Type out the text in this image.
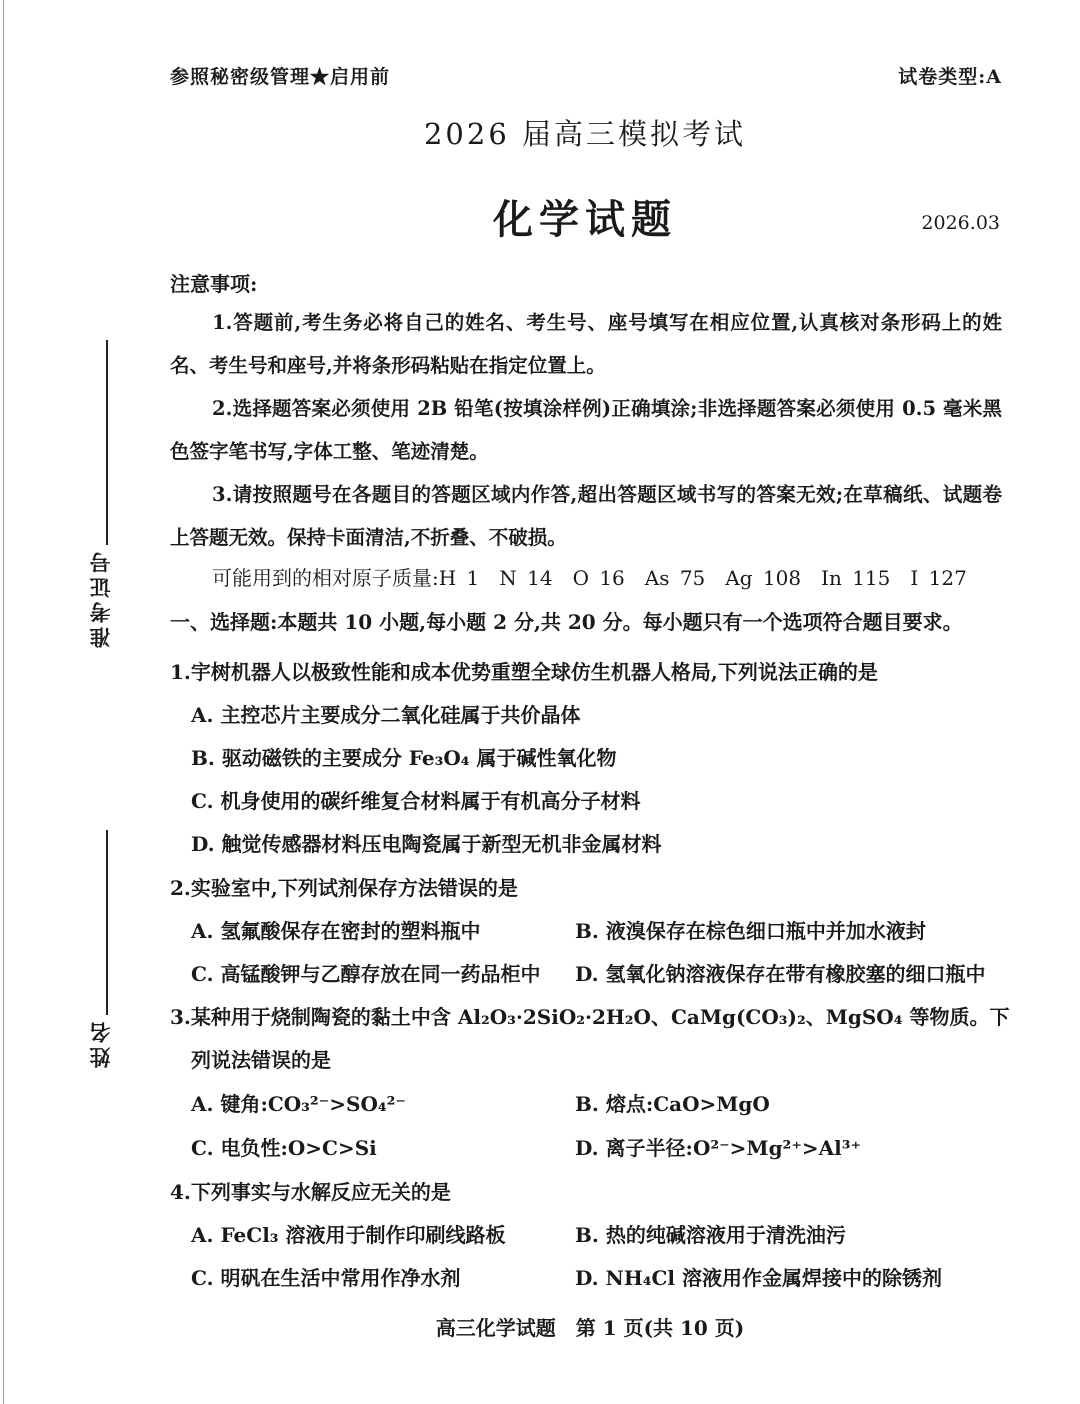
准考证号
姓名
参照秘密级管理★启用前	试卷类型:A
2026 届高三模拟考试
化学试题	2026.03
注意事项:

1.答题前,考生务必将自己的姓名、考生号、座号填写在相应位置,认真核对条形码上的姓名、考生号和座号,并将条形码粘贴在指定位置上。

2.选择题答案必须使用 2B 铅笔(按填涂样例)正确填涂;非选择题答案必须使用 0.5 毫米黑色签字笔书写,字体工整、笔迹清楚。

3.请按照题号在各题目的答题区域内作答,超出答题区域书写的答案无效;在草稿纸、试题卷上答题无效。保持卡面清洁,不折叠、不破损。

可能用到的相对原子质量:H 1　N 14　O 16　As 75　Ag 108　In 115　I 127
一、选择题:本题共 10 小题,每小题 2 分,共 20 分。每小题只有一个选项符合题目要求。
1.宇树机器人以极致性能和成本优势重塑全球仿生机器人格局,下列说法正确的是
A. 主控芯片主要成分二氧化硅属于共价晶体
B. 驱动磁铁的主要成分 Fe₃O₄ 属于碱性氧化物
C. 机身使用的碳纤维复合材料属于有机高分子材料
D. 触觉传感器材料压电陶瓷属于新型无机非金属材料
2.实验室中,下列试剂保存方法错误的是
A. 氢氟酸保存在密封的塑料瓶中	B. 液溴保存在棕色细口瓶中并加水液封
C. 高锰酸钾与乙醇存放在同一药品柜中 D. 氢氧化钠溶液保存在带有橡胶塞的细口瓶中
3.某种用于烧制陶瓷的黏土中含 Al₂O₃·2SiO₂·2H₂O、CaMg(CO₃)₂、MgSO₄ 等物质。下
列说法错误的是
A. 键角:CO₃²⁻>SO₄²⁻	B. 熔点:CaO>MgO
C. 电负性:O>C>Si	D. 离子半径:O²⁻>Mg²⁺>Al³⁺
4.下列事实与水解反应无关的是
A. FeCl₃ 溶液用于制作印刷线路板	B. 热的纯碱溶液用于清洗油污
C. 明矾在生活中常用作净水剂	D. NH₄Cl 溶液用作金属焊接中的除锈剂
高三化学试题　第 1 页(共 10 页)
